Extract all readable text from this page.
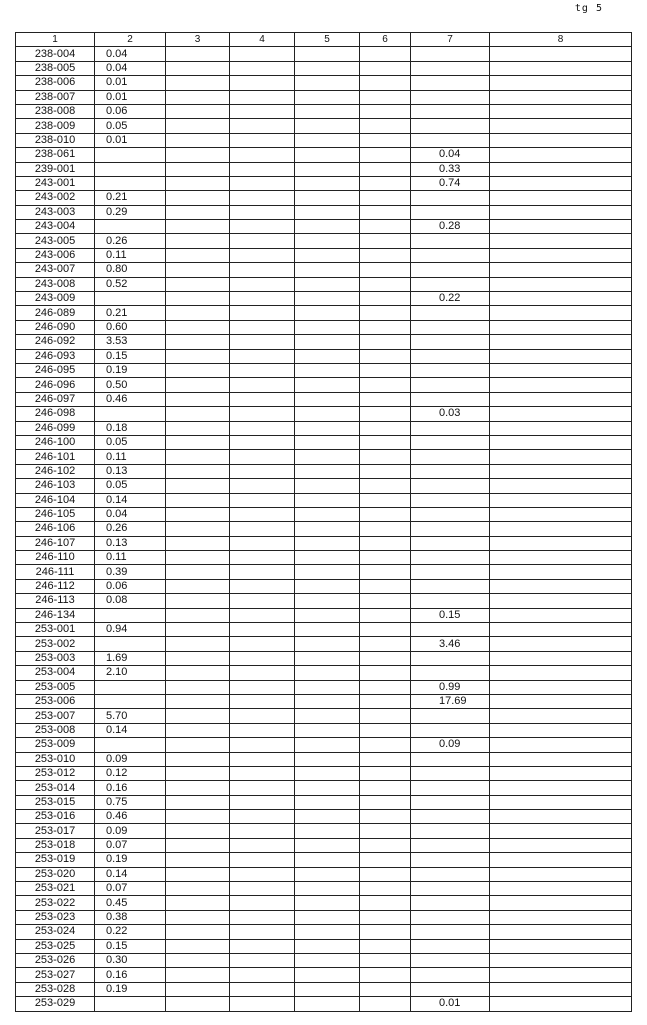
tg 5
1	2	3	4	5	6	7	8
238-004	0.04						
238-005	0.04						
238-006	0.01						
238-007	0.01						
238-008	0.06						
238-009	0.05						
238-010	0.01						
238-061						0.04	
239-001						0.33	
243-001						0.74	
243-002	0.21						
243-003	0.29						
243-004						0.28	
243-005	0.26						
243-006	0.11						
243-007	0.80						
243-008	0.52						
243-009						0.22	
246-089	0.21						
246-090	0.60						
246-092	3.53						
246-093	0.15						
246-095	0.19						
246-096	0.50						
246-097	0.46						
246-098						0.03	
246-099	0.18						
246-100	0.05						
246-101	0.11						
246-102	0.13						
246-103	0.05						
246-104	0.14						
246-105	0.04						
246-106	0.26						
246-107	0.13						
246-110	0.11						
246-111	0.39						
246-112	0.06						
246-113	0.08						
246-134						0.15	
253-001	0.94						
253-002						3.46	
253-003	1.69						
253-004	2.10						
253-005						0.99	
253-006						17.69	
253-007	5.70						
253-008	0.14						
253-009						0.09	
253-010	0.09						
253-012	0.12						
253-014	0.16						
253-015	0.75						
253-016	0.46						
253-017	0.09						
253-018	0.07						
253-019	0.19						
253-020	0.14						
253-021	0.07						
253-022	0.45						
253-023	0.38						
253-024	0.22						
253-025	0.15						
253-026	0.30						
253-027	0.16						
253-028	0.19						
253-029						0.01	
